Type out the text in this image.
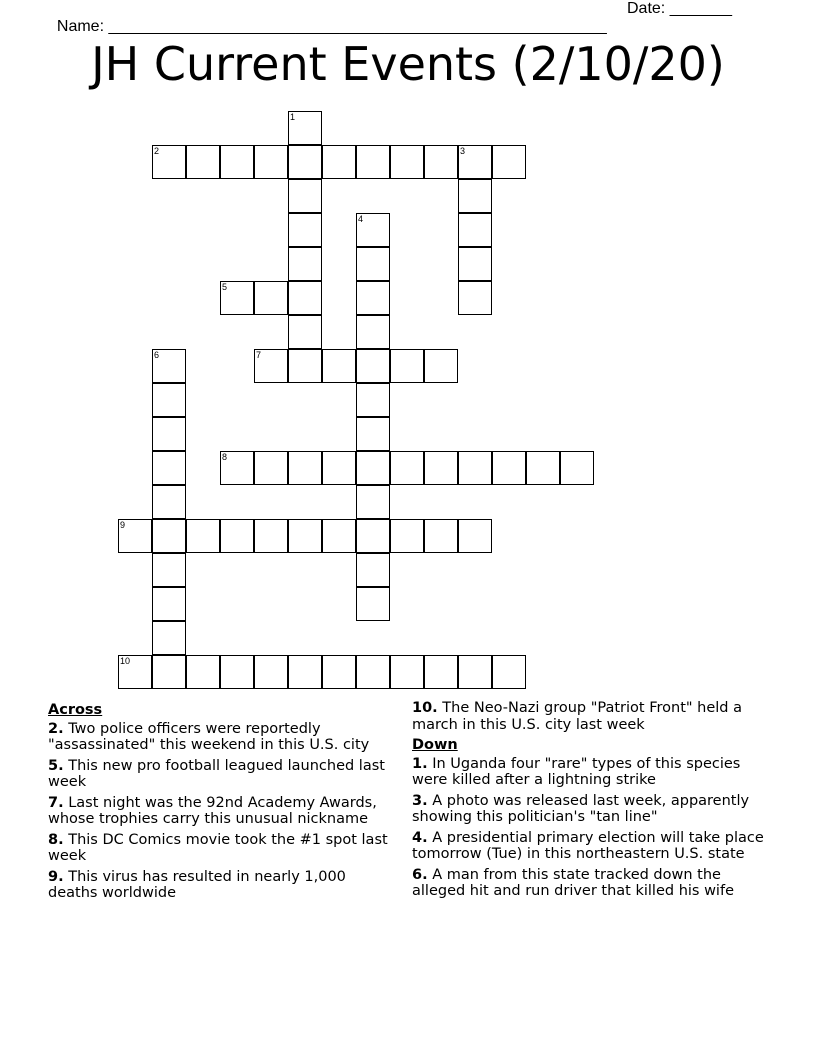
Name: ________________________________________________________

Date: _______

JH Current Events (2/10/20)
1
2	3
4
5
6	7
8
9
10
Across
2. Two police officers were reportedly "assassinated" this weekend in this U.S. city
5. This new pro football leagued launched last week
7. Last night was the 92nd Academy Awards, whose trophies carry this unusual nickname
8. This DC Comics movie took the #1 spot last week
9. This virus has resulted in nearly 1,000 deaths worldwide
10. The Neo-Nazi group "Patriot Front" held a march in this U.S. city last week
Down
1. In Uganda four "rare" types of this species were killed after a lightning strike
3. A photo was released last week, apparently showing this politician's "tan line"
4. A presidential primary election will take place tomorrow (Tue) in this northeastern U.S. state
6. A man from this state tracked down the alleged hit and run driver that killed his wife
